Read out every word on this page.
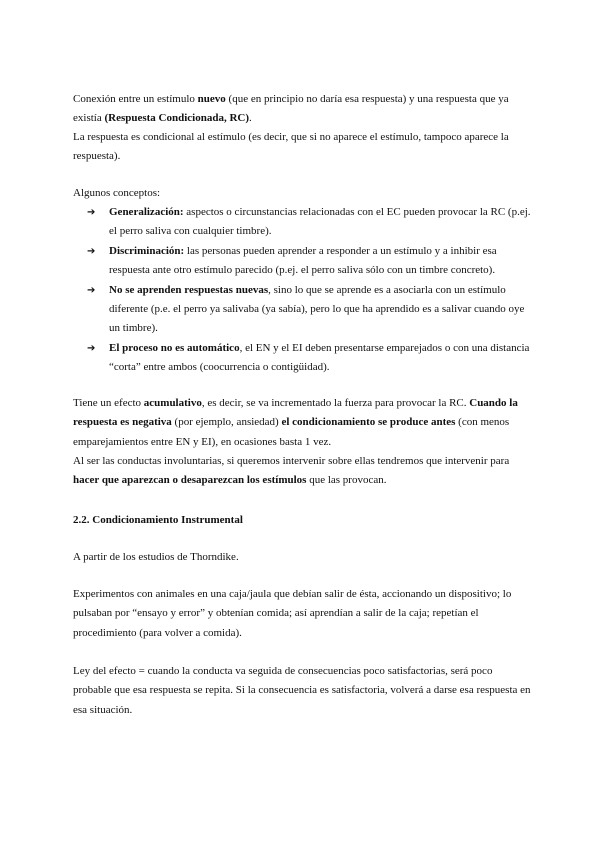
Conexión entre un estímulo nuevo (que en principio no daría esa respuesta) y una respuesta que ya existía (Respuesta Condicionada, RC).

La respuesta es condicional al estímulo (es decir, que si no aparece el estímulo, tampoco aparece la respuesta).

Algunos conceptos:

➔ Generalización: aspectos o circunstancias relacionadas con el EC pueden provocar la RC (p.ej. el perro saliva con cualquier timbre).
➔ Discriminación: las personas pueden aprender a responder a un estímulo y a inhibir esa respuesta ante otro estímulo parecido (p.ej. el perro saliva sólo con un timbre concreto).
➔ No se aprenden respuestas nuevas, sino lo que se aprende es a asociarla con un estímulo diferente (p.e. el perro ya salivaba (ya sabía), pero lo que ha aprendido es a salivar cuando oye un timbre).
➔ El proceso no es automático, el EN y el EI deben presentarse emparejados o con una distancia “corta” entre ambos (coocurrencia o contigüidad).

Tiene un efecto acumulativo, es decir, se va incrementado la fuerza para provocar la RC. Cuando la respuesta es negativa (por ejemplo, ansiedad) el condicionamiento se produce antes (con menos emparejamientos entre EN y EI), en ocasiones basta 1 vez.

Al ser las conductas involuntarias, si queremos intervenir sobre ellas tendremos que intervenir para hacer que aparezcan o desaparezcan los estímulos que las provocan.

2.2. Condicionamiento Instrumental

A partir de los estudios de Thorndike.

Experimentos con animales en una caja/jaula que debían salir de ésta, accionando un dispositivo; lo pulsaban por “ensayo y error” y obtenían comida; así aprendían a salir de la caja; repetían el procedimiento (para volver a comida).

Ley del efecto = cuando la conducta va seguida de consecuencias poco satisfactorias, será poco probable que esa respuesta se repita. Si la consecuencia es satisfactoria, volverá a darse esa respuesta en esa situación.
